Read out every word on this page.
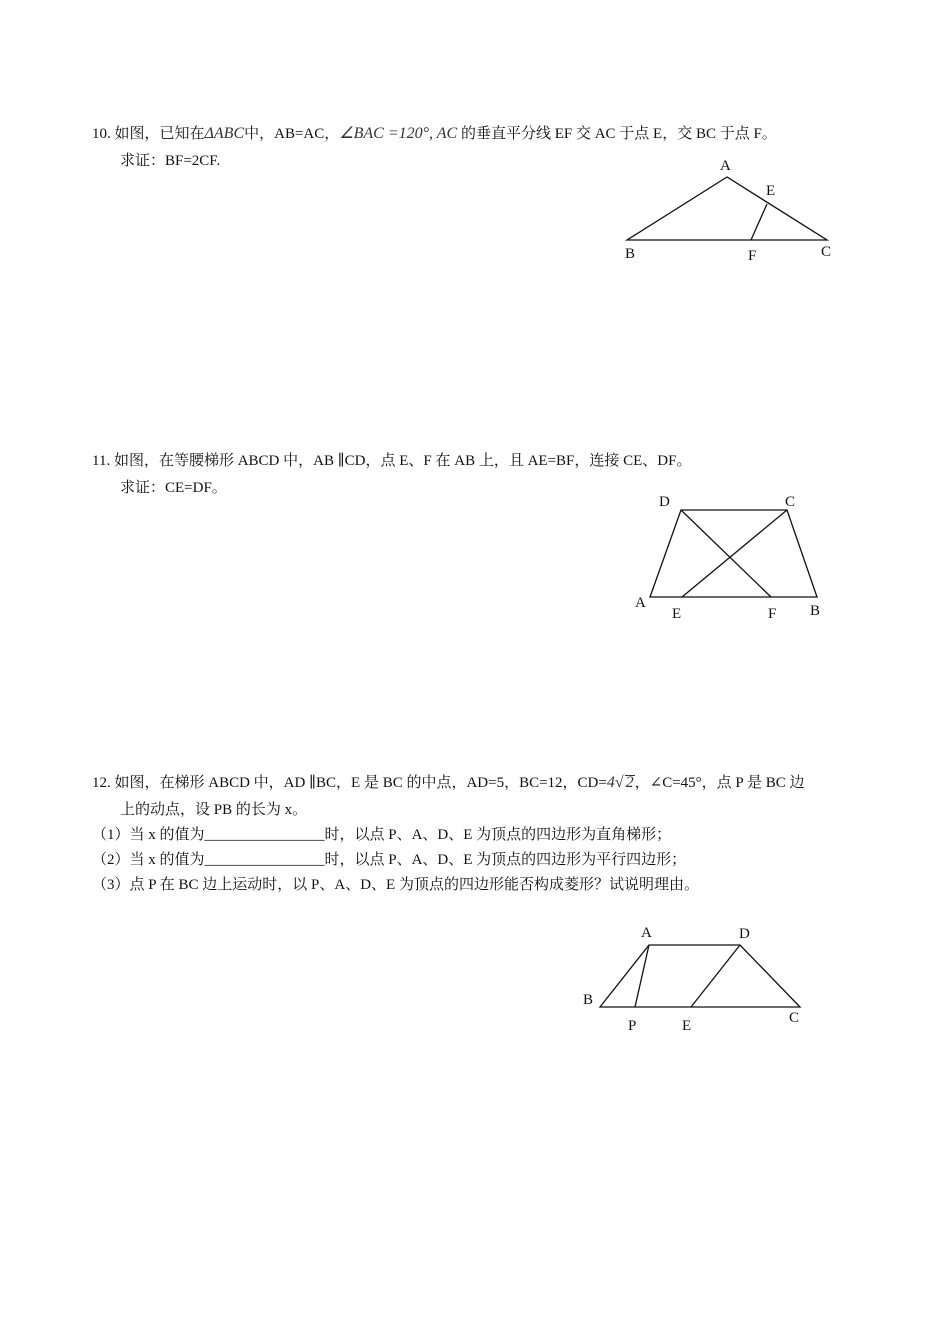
10. 如图，已知在ΔABC中，AB=AC，∠BAC =120°, AC 的垂直平分线 EF 交 AC 于点 E，交 BC 于点 F。
求证：BF=2CF.	A
B	C
E
F
11. 如图，在等腰梯形 ABCD 中，AB ∥CD，点 E、F 在 AB 上，且 AE=BF，连接 CE、DF。
求证：CE=DF。
D	C
A	B
E	F
12. 如图，在梯形 ABCD 中，AD ∥BC，E 是 BC 的中点，AD=5，BC=12，CD=4√ 2，∠C=45°，点 P 是 BC 边
上的动点，设 PB 的长为 x。
（1）当 x 的值为________________时，以点 P、A、D、E 为顶点的四边形为直角梯形；
（2）当 x 的值为________________时，以点 P、A、D、E 为顶点的四边形为平行四边形；
（3）点 P 在 BC 边上运动时，以 P、A、D、E 为顶点的四边形能否构成菱形？试说明理由。
A	D
B
P	E	C
